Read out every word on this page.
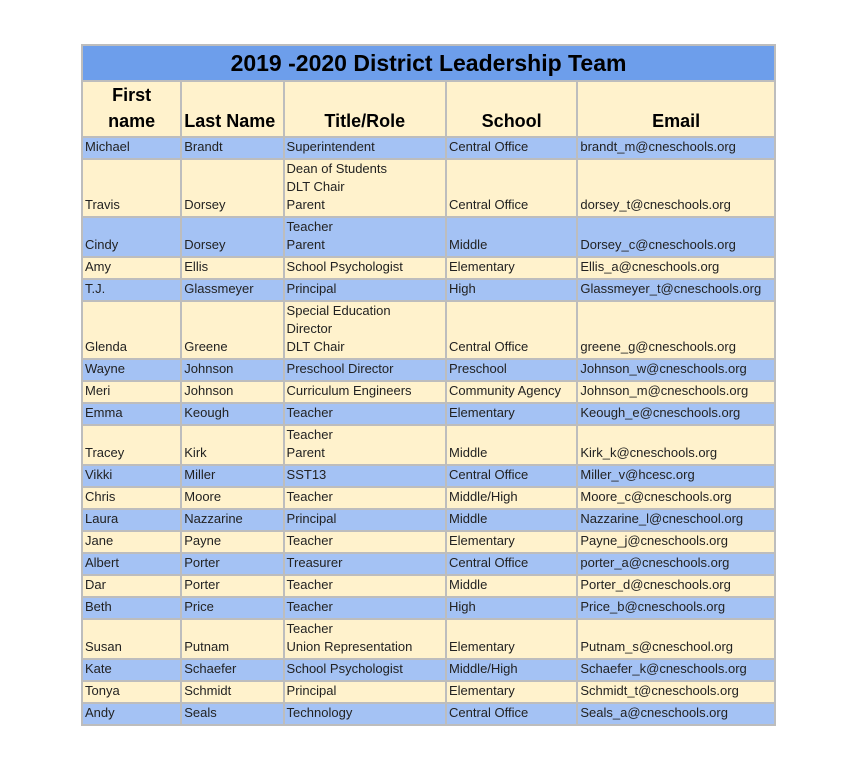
2019 -2020 District Leadership Team				

First
name	Last Name	Title/Role	School	Email
Michael	Brandt	Superintendent	Central Office	brandt_m@cneschools.org
Travis	Dorsey	Dean of Students
DLT Chair
Parent	Central Office	dorsey_t@cneschools.org
Cindy	Dorsey	Teacher
Parent	Middle	Dorsey_c@cneschools.org
Amy	Ellis	School Psychologist	Elementary	Ellis_a@cneschools.org
T.J.	Glassmeyer	Principal	High	Glassmeyer_t@cneschools.org
Glenda	Greene	Special Education
Director
DLT Chair	Central Office	greene_g@cneschools.org
Wayne	Johnson	Preschool Director	Preschool	Johnson_w@cneschools.org
Meri	Johnson	Curriculum Engineers	Community Agency	Johnson_m@cneschools.org
Emma	Keough	Teacher	Elementary	Keough_e@cneschools.org
Tracey	Kirk	Teacher
Parent	Middle	Kirk_k@cneschools.org
Vikki	Miller	SST13	Central Office	Miller_v@hcesc.org
Chris	Moore	Teacher	Middle/High	Moore_c@cneschools.org
Laura	Nazzarine	Principal	Middle	Nazzarine_l@cneschool.org
Jane	Payne	Teacher	Elementary	Payne_j@cneschools.org
Albert	Porter	Treasurer	Central Office	porter_a@cneschools.org
Dar	Porter	Teacher	Middle	Porter_d@cneschools.org
Beth	Price	Teacher	High	Price_b@cneschools.org
Susan	Putnam	Teacher
Union Representation	Elementary	Putnam_s@cneschool.org
Kate	Schaefer	School Psychologist	Middle/High	Schaefer_k@cneschools.org
Tonya	Schmidt	Principal	Elementary	Schmidt_t@cneschools.org
Andy	Seals	Technology	Central Office	Seals_a@cneschools.org
